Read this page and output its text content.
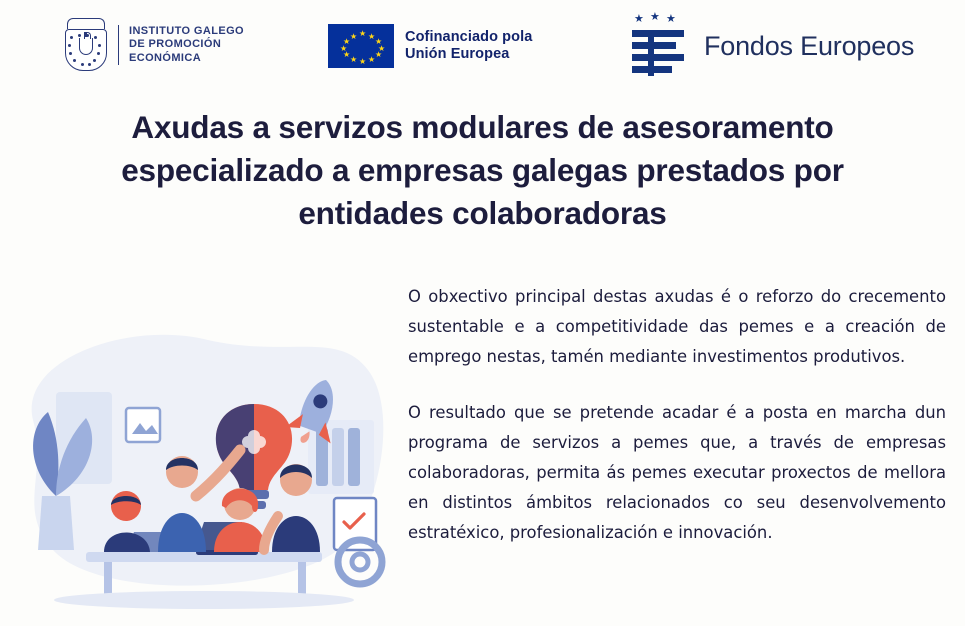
INSTITUTO GALEGO
DE PROMOCIÓN
ECONÓMICA
★
★ ★
★	★
★	★
★	★
★ ★
★
Cofinanciado pola
Unión Europea
★ ★ ★
Fondos Europeos
Axudas a servizos modulares de asesoramento
especializado a empresas galegas prestados por
entidades colaboradoras

O obxectivo principal destas axudas é o reforzo do crecemento sustentable e a competitividade das pemes e a creación de emprego nestas, tamén mediante investimentos produtivos.

O resultado que se pretende acadar é a posta en marcha dun programa de servizos a pemes que, a través de empresas colaboradoras, permita ás pemes executar proxectos de mellora en distintos ámbitos relacionados co seu desenvolvemento estratéxico, profesionalización e innovación.
